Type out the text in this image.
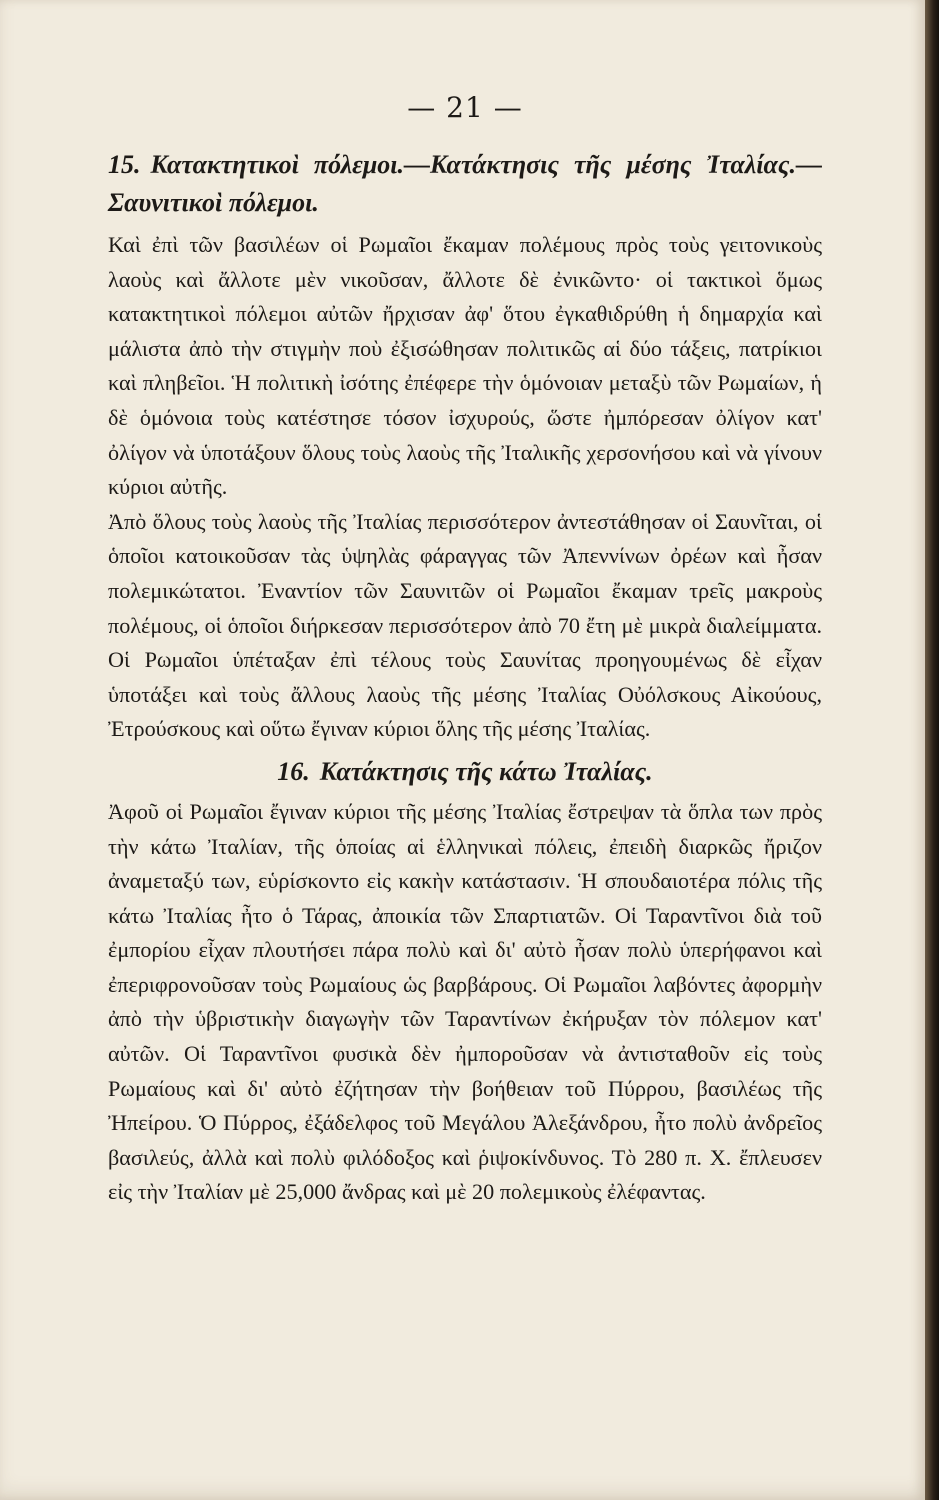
— 21 —
15. Κατακτητικοὶ πόλεμοι.—Κατάκτησις τῆς μέσης Ἰταλίας.—Σαυνιτικοὶ πόλεμοι.

Καὶ ἐπὶ τῶν βασιλέων οἱ Ρωμαῖοι ἔκαμαν πολέμους πρὸς τοὺς γειτονικοὺς λαοὺς καὶ ἄλλοτε μὲν νικοῦσαν, ἄλλοτε δὲ ἐνικῶντο· οἱ τακτικοὶ ὅμως κατακτητικοὶ πόλεμοι αὐτῶν ἤρχισαν ἀφ' ὅτου ἐγκαθιδρύθη ἡ δημαρχία καὶ μάλιστα ἀπὸ τὴν στιγμὴν ποὺ ἐξισώθησαν πολιτικῶς αἱ δύο τάξεις, πατρίκιοι καὶ πληβεῖοι. Ἡ πολιτικὴ ἰσότης ἐπέφερε τὴν ὁμόνοιαν μεταξὺ τῶν Ρωμαίων, ἡ δὲ ὁμόνοια τοὺς κατέστησε τόσον ἰσχυρούς, ὥστε ἠμπόρεσαν ὀλίγον κατ' ὀλίγον νὰ ὑποτάξουν ὅλους τοὺς λαοὺς τῆς Ἰταλικῆς χερσονήσου καὶ νὰ γίνουν κύριοι αὐτῆς.

Ἀπὸ ὅλους τοὺς λαοὺς τῆς Ἰταλίας περισσότερον ἀντεστάθησαν οἱ Σαυνῖται, οἱ ὁποῖοι κατοικοῦσαν τὰς ὑψηλὰς φάραγγας τῶν Ἀπεννίνων ὀρέων καὶ ἦσαν πολεμικώτατοι. Ἐναντίον τῶν Σαυνιτῶν οἱ Ρωμαῖοι ἔκαμαν τρεῖς μακροὺς πολέμους, οἱ ὁποῖοι διήρκεσαν περισσότερον ἀπὸ 70 ἔτη μὲ μικρὰ διαλείμματα. Οἱ Ρωμαῖοι ὑπέταξαν ἐπὶ τέλους τοὺς Σαυνίτας προηγουμένως δὲ εἶχαν ὑποτάξει καὶ τοὺς ἄλλους λαοὺς τῆς μέσης Ἰταλίας Οὐόλσκους Αἰκούους, Ἐτρούσκους καὶ οὕτω ἔγιναν κύριοι ὅλης τῆς μέσης Ἰταλίας.

16. Κατάκτησις τῆς κάτω Ἰταλίας.

Ἀφοῦ οἱ Ρωμαῖοι ἔγιναν κύριοι τῆς μέσης Ἰταλίας ἔστρεψαν τὰ ὅπλα των πρὸς τὴν κάτω Ἰταλίαν, τῆς ὁποίας αἱ ἑλληνικαὶ πόλεις, ἐπειδὴ διαρκῶς ἤριζον ἀναμεταξύ των, εὑρίσκοντο εἰς κακὴν κατάστασιν. Ἡ σπουδαιοτέρα πόλις τῆς κάτω Ἰταλίας ἦτο ὁ Τάρας, ἀποικία τῶν Σπαρτιατῶν. Οἱ Ταραντῖνοι διὰ τοῦ ἐμπορίου εἶχαν πλουτήσει πάρα πολὺ καὶ δι' αὐτὸ ἦσαν πολὺ ὑπερήφανοι καὶ ἐπεριφρονοῦσαν τοὺς Ρωμαίους ὡς βαρβάρους. Οἱ Ρωμαῖοι λαβόντες ἀφορμὴν ἀπὸ τὴν ὑβριστικὴν διαγωγὴν τῶν Ταραντίνων ἐκήρυξαν τὸν πόλεμον κατ' αὐτῶν. Οἱ Ταραντῖνοι φυσικὰ δὲν ἠμποροῦσαν νὰ ἀντισταθοῦν εἰς τοὺς Ρωμαίους καὶ δι' αὐτὸ ἐζήτησαν τὴν βοήθειαν τοῦ Πύρρου, βασιλέως τῆς Ἠπείρου. Ὁ Πύρρος, ἐξάδελφος τοῦ Μεγάλου Ἀλεξάνδρου, ἦτο πολὺ ἀνδρεῖος βασιλεύς, ἀλλὰ καὶ πολὺ φιλόδοξος καὶ ῥιψοκίνδυνος. Τὸ 280 π. Χ. ἔπλευσεν εἰς τὴν Ἰταλίαν μὲ 25,000 ἄνδρας καὶ μὲ 20 πολεμικοὺς ἐλέφαντας.
